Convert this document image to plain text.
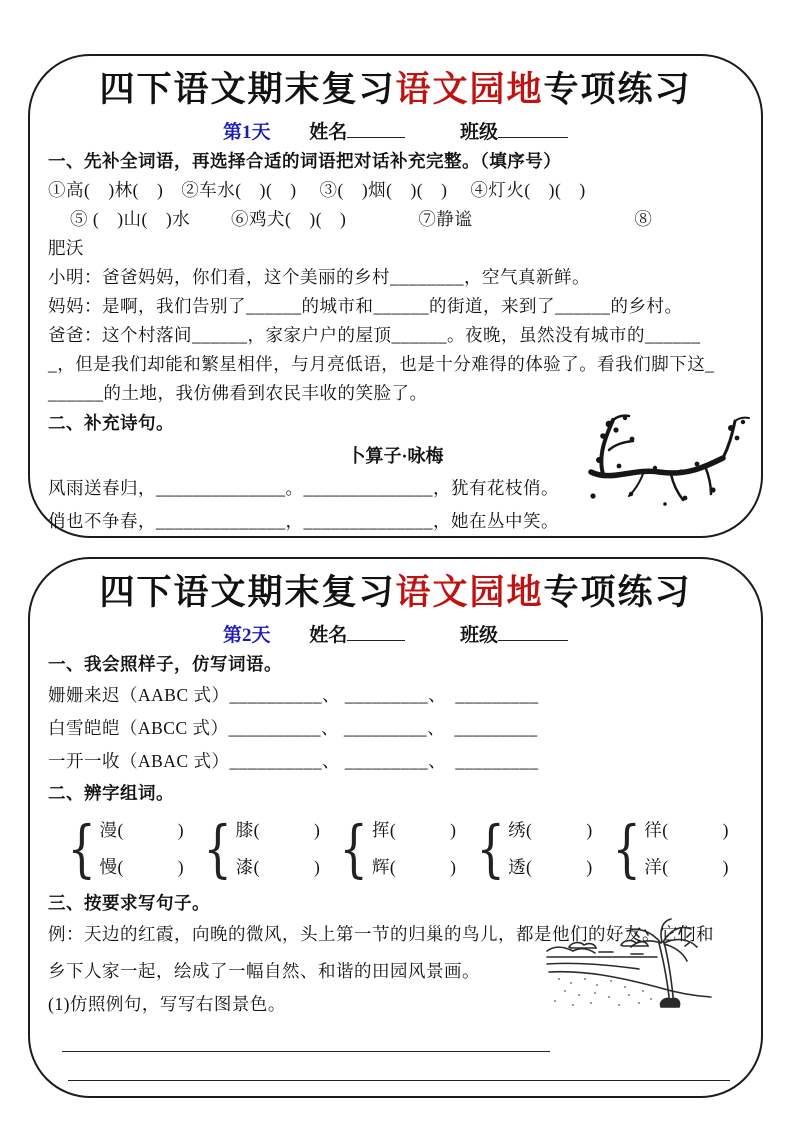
四下语文期末复习语文园地专项练习
第1天 姓名	班级
一、先补全词语，再选择合适的词语把对话补充完整。（填序号）
①高(　)林(　)　②车水(　)(　)　 ③(　)烟(　)(　) 　④灯火(　)(　)
⑤ (　)山(　)水　　 ⑥鸡犬(　)(　)　　　　⑦静谧　　　　　　　　　⑧
肥沃
小明：爸爸妈妈，你们看，这个美丽的乡村________，空气真新鲜。
妈妈：是啊，我们告别了______的城市和______的街道，来到了______的乡村。
爸爸：这个村落间______，家家户户的屋顶______。夜晚，虽然没有城市的______
_，但是我们却能和繁星相伴，与月亮低语，也是十分难得的体验了。看我们脚下这_
______的土地，我仿佛看到农民丰收的笑脸了。
二、补充诗句。
卜算子·咏梅
风雨送春归，______________。______________，犹有花枝俏。
俏也不争春，______________，______________，她在丛中笑。
四下语文期末复习语文园地专项练习
第2天 姓名	班级
一、我会照样子，仿写词语。
姗姗来迟（AABC 式）__________、 _________、　_________
白雪皑皑（ABCC 式）__________、 _________、　_________
一开一收（ABAC 式）__________、 _________、　_________
二、辨字组词。
{ 漫(　　　)
慢(　　　) { 膝(　　　)
漆(　　　) { 挥(　　　)
辉(　　　) { 绣(　　　)
透(　　　) { 徉(　　　)
洋(　　　)
三、按要求写句子。
例：天边的红霞，向晚的微风，头上第一节的归巢的鸟儿，都是他们的好友。它们和
乡下人家一起，绘成了一幅自然、和谐的田园风景画。
(1)仿照例句，写写右图景色。
